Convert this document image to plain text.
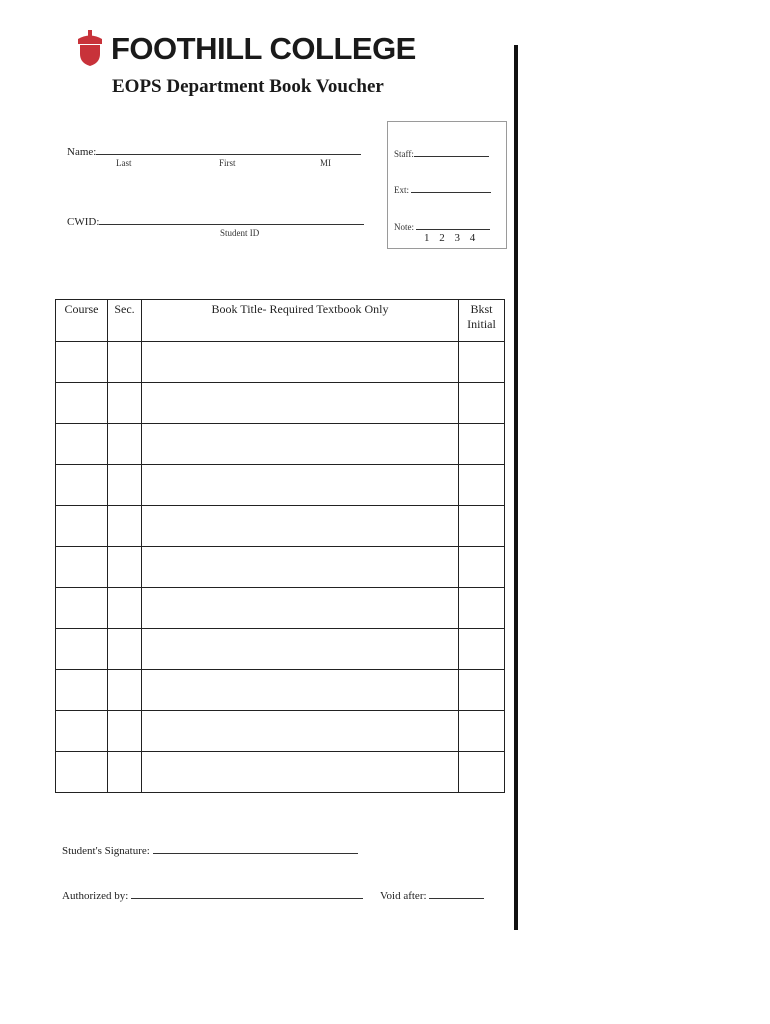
FOOTHILL COLLEGE
EOPS Department Book Voucher
Name:
Last	First	MI
CWID:
Student ID
Staff:
Ext:
Note:
1 2 3 4
Course	Sec.	Book Title- Required Textbook Only	Bkst Initial

Student's Signature:
Authorized by:	Void after:
